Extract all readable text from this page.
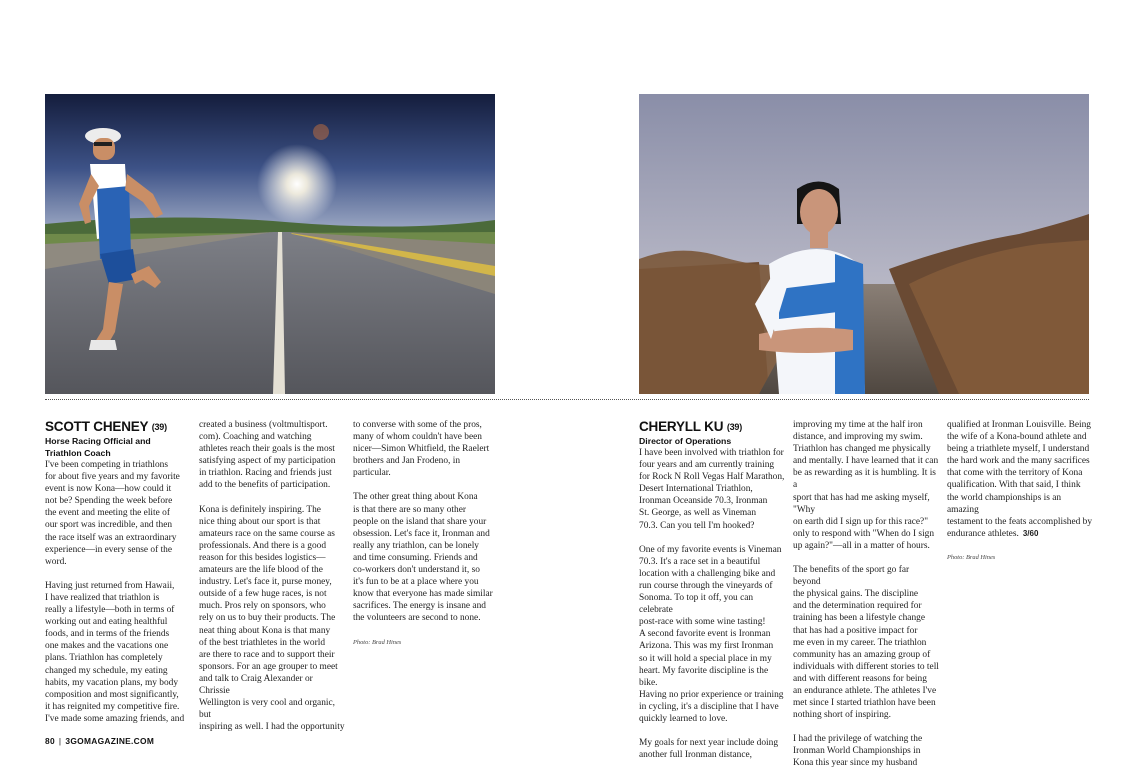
SCOTT CHENEY (39)

Horse Racing Official and
Triathlon Coach

I've been competing in triathlons
for about five years and my favorite
event is now Kona—how could it
not be? Spending the week before
the event and meeting the elite of
our sport was incredible, and then
the race itself was an extraordinary
experience—in every sense of the word.

Having just returned from Hawaii,
I have realized that triathlon is
really a lifestyle—both in terms of
working out and eating healthful
foods, and in terms of the friends
one makes and the vacations one
plans. Triathlon has completely
changed my schedule, my eating
habits, my vacation plans, my body
composition and most significantly,
it has reignited my competitive fire.
I've made some amazing friends, and

created a business (voltmultisport.
com). Coaching and watching
athletes reach their goals is the most
satisfying aspect of my participation
in triathlon. Racing and friends just
add to the benefits of participation.

Kona is definitely inspiring. The
nice thing about our sport is that
amateurs race on the same course as
professionals. And there is a good
reason for this besides logistics—
amateurs are the life blood of the
industry. Let's face it, purse money,
outside of a few huge races, is not
much. Pros rely on sponsors, who
rely on us to buy their products. The
neat thing about Kona is that many
of the best triathletes in the world
are there to race and to support their
sponsors. For an age grouper to meet
and talk to Craig Alexander or Chrissie
Wellington is very cool and organic, but
inspiring as well. I had the opportunity

to converse with some of the pros,
many of whom couldn't have been
nicer—Simon Whitfield, the Raelert
brothers and Jan Frodeno, in particular.

The other great thing about Kona
is that there are so many other
people on the island that share your
obsession. Let's face it, Ironman and
really any triathlon, can be lonely
and time consuming. Friends and
co-workers don't understand it, so
it's fun to be at a place where you
know that everyone has made similar
sacrifices. The energy is insane and
the volunteers are second to none.

Photo: Brad Hines

CHERYLL KU (39)

Director of Operations

I have been involved with triathlon for
four years and am currently training
for Rock N Roll Vegas Half Marathon,
Desert International Triathlon,
Ironman Oceanside 70.3, Ironman
St. George, as well as Vineman
70.3. Can you tell I'm hooked?

One of my favorite events is Vineman
70.3. It's a race set in a beautiful
location with a challenging bike and
run course through the vineyards of
Sonoma. To top it off, you can celebrate
post-race with some wine tasting!

A second favorite event is Ironman
Arizona. This was my first Ironman
so it will hold a special place in my
heart. My favorite discipline is the bike.
Having no prior experience or training
in cycling, it's a discipline that I have
quickly learned to love.

My goals for next year include doing
another full Ironman distance,

improving my time at the half iron
distance, and improving my swim.
Triathlon has changed me physically
and mentally. I have learned that it can
be as rewarding as it is humbling. It is a
sport that has had me asking myself, "Why
on earth did I sign up for this race?"
only to respond with "When do I sign
up again?"—all in a matter of hours.

The benefits of the sport go far beyond
the physical gains. The discipline
and the determination required for
training has been a lifestyle change
that has had a positive impact for
me even in my career. The triathlon
community has an amazing group of
individuals with different stories to tell
and with different reasons for being
an endurance athlete. The athletes I've
met since I started triathlon have been
nothing short of inspiring.

I had the privilege of watching the
Ironman World Championships in
Kona this year since my husband

qualified at Ironman Louisville. Being
the wife of a Kona-bound athlete and
being a triathlete myself, I understand
the hard work and the many sacrifices
that come with the territory of Kona
qualification. With that said, I think
the world championships is an amazing
testament to the feats accomplished by
endurance athletes. 3/60

Photo: Brad Hines

80 | 3GOMAGAZINE.COM
